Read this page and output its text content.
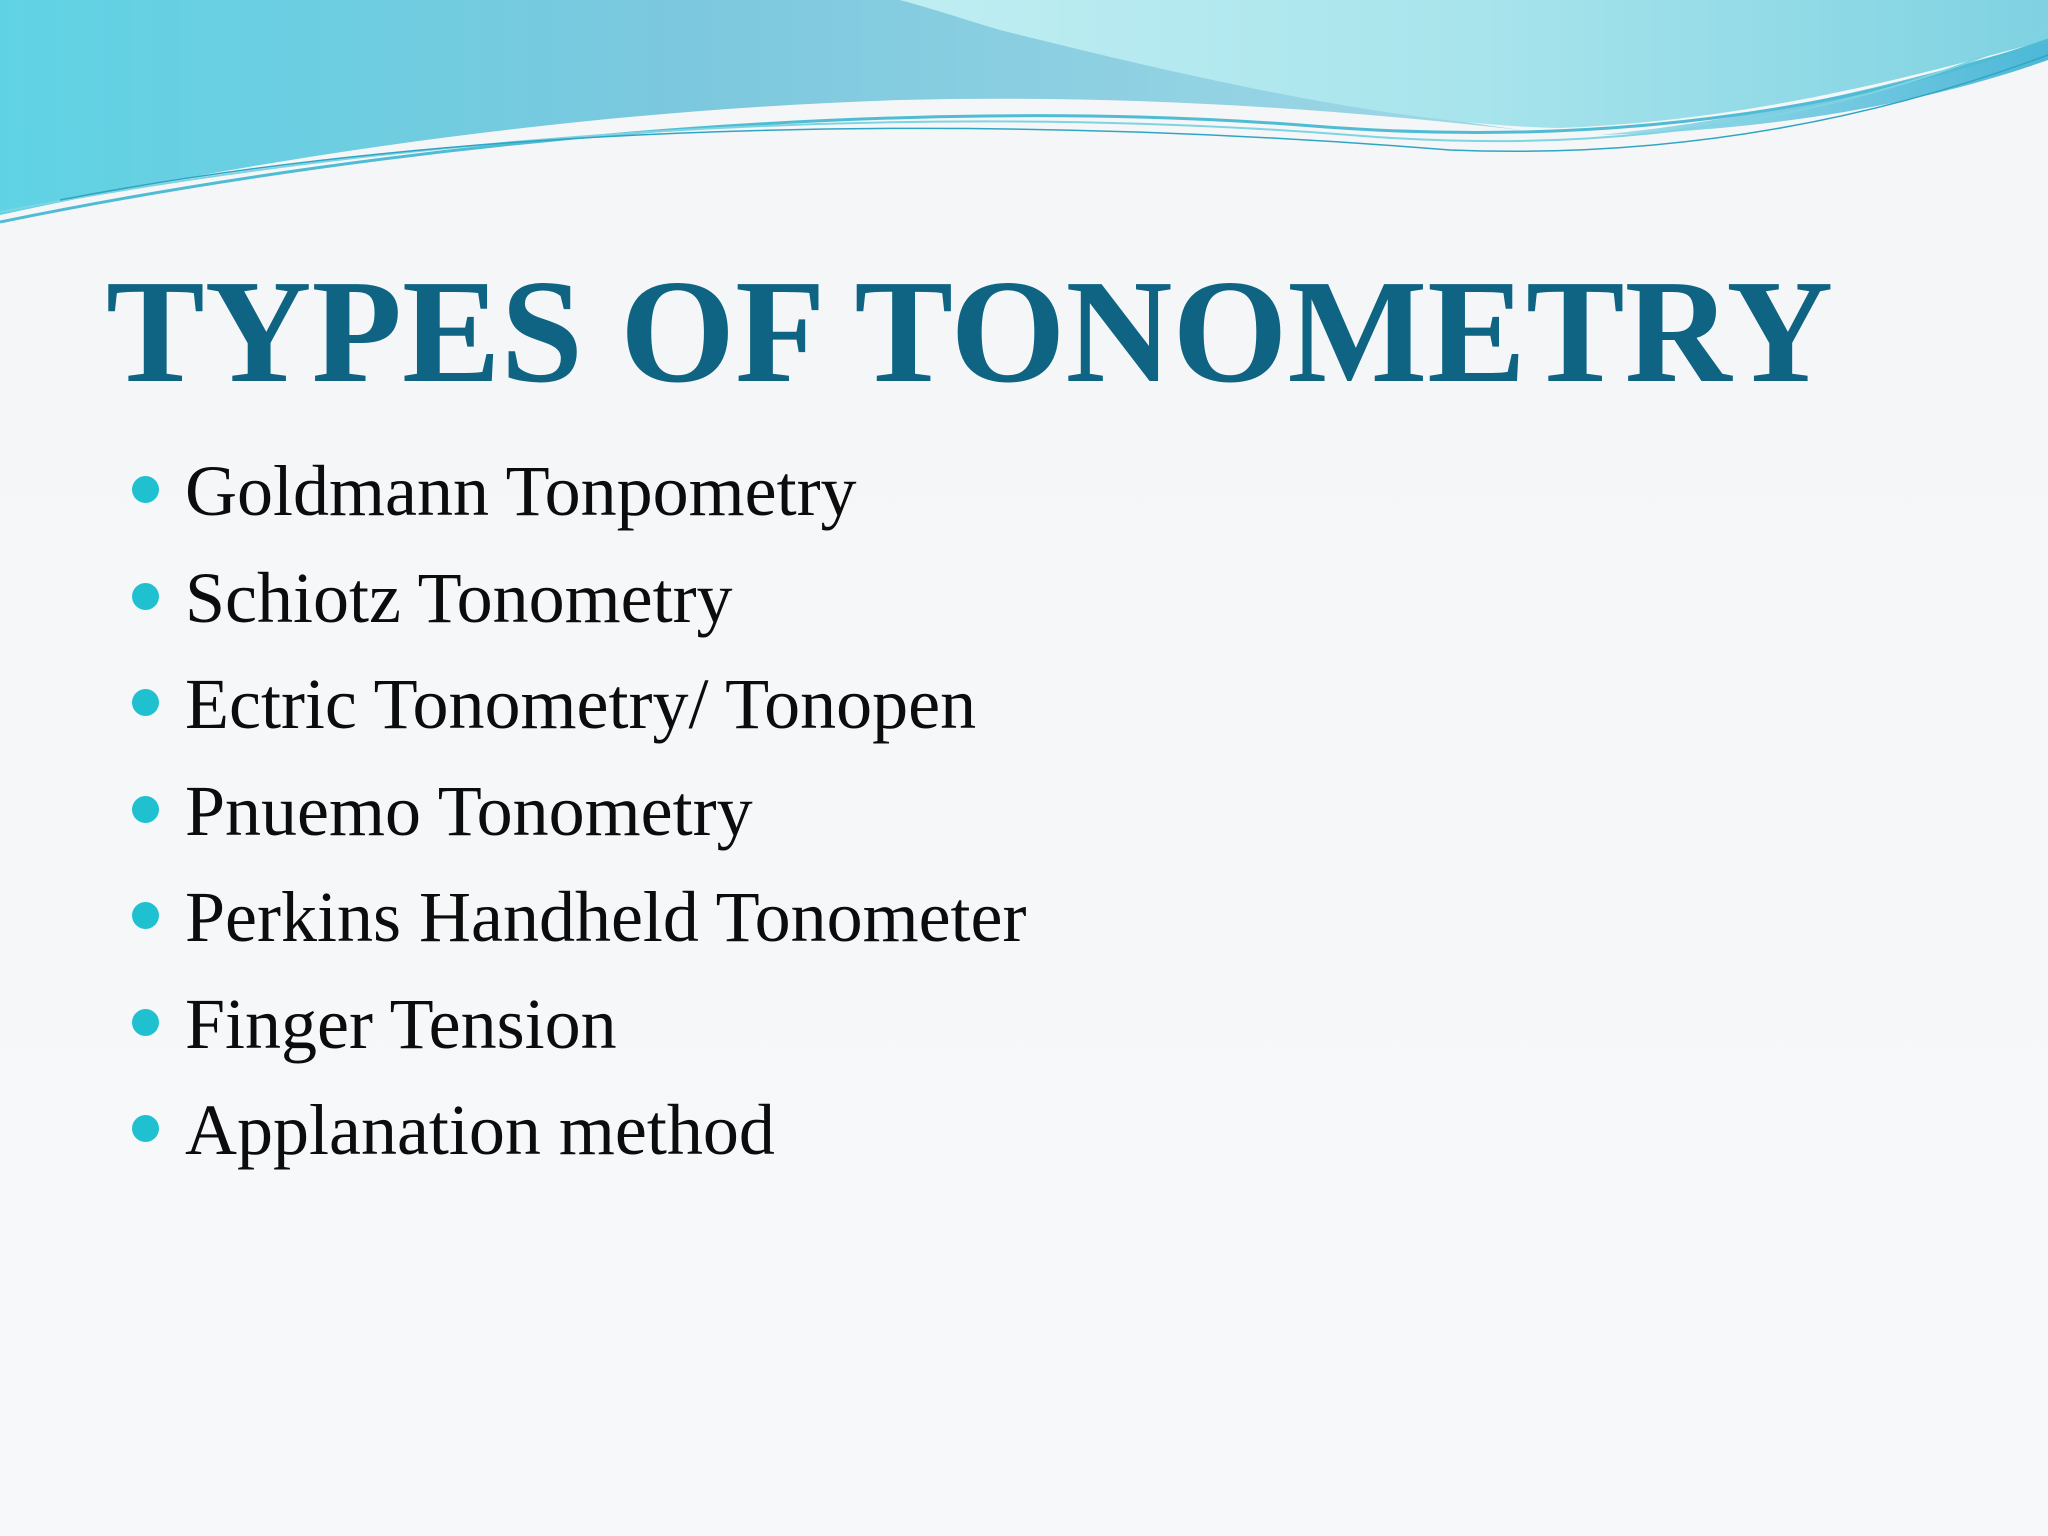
TYPES OF TONOMETRY
Goldmann Tonpometry
Schiotz Tonometry
Ectric Tonometry/ Tonopen
Pnuemo Tonometry
Perkins Handheld Tonometer
Finger Tension
Applanation method
